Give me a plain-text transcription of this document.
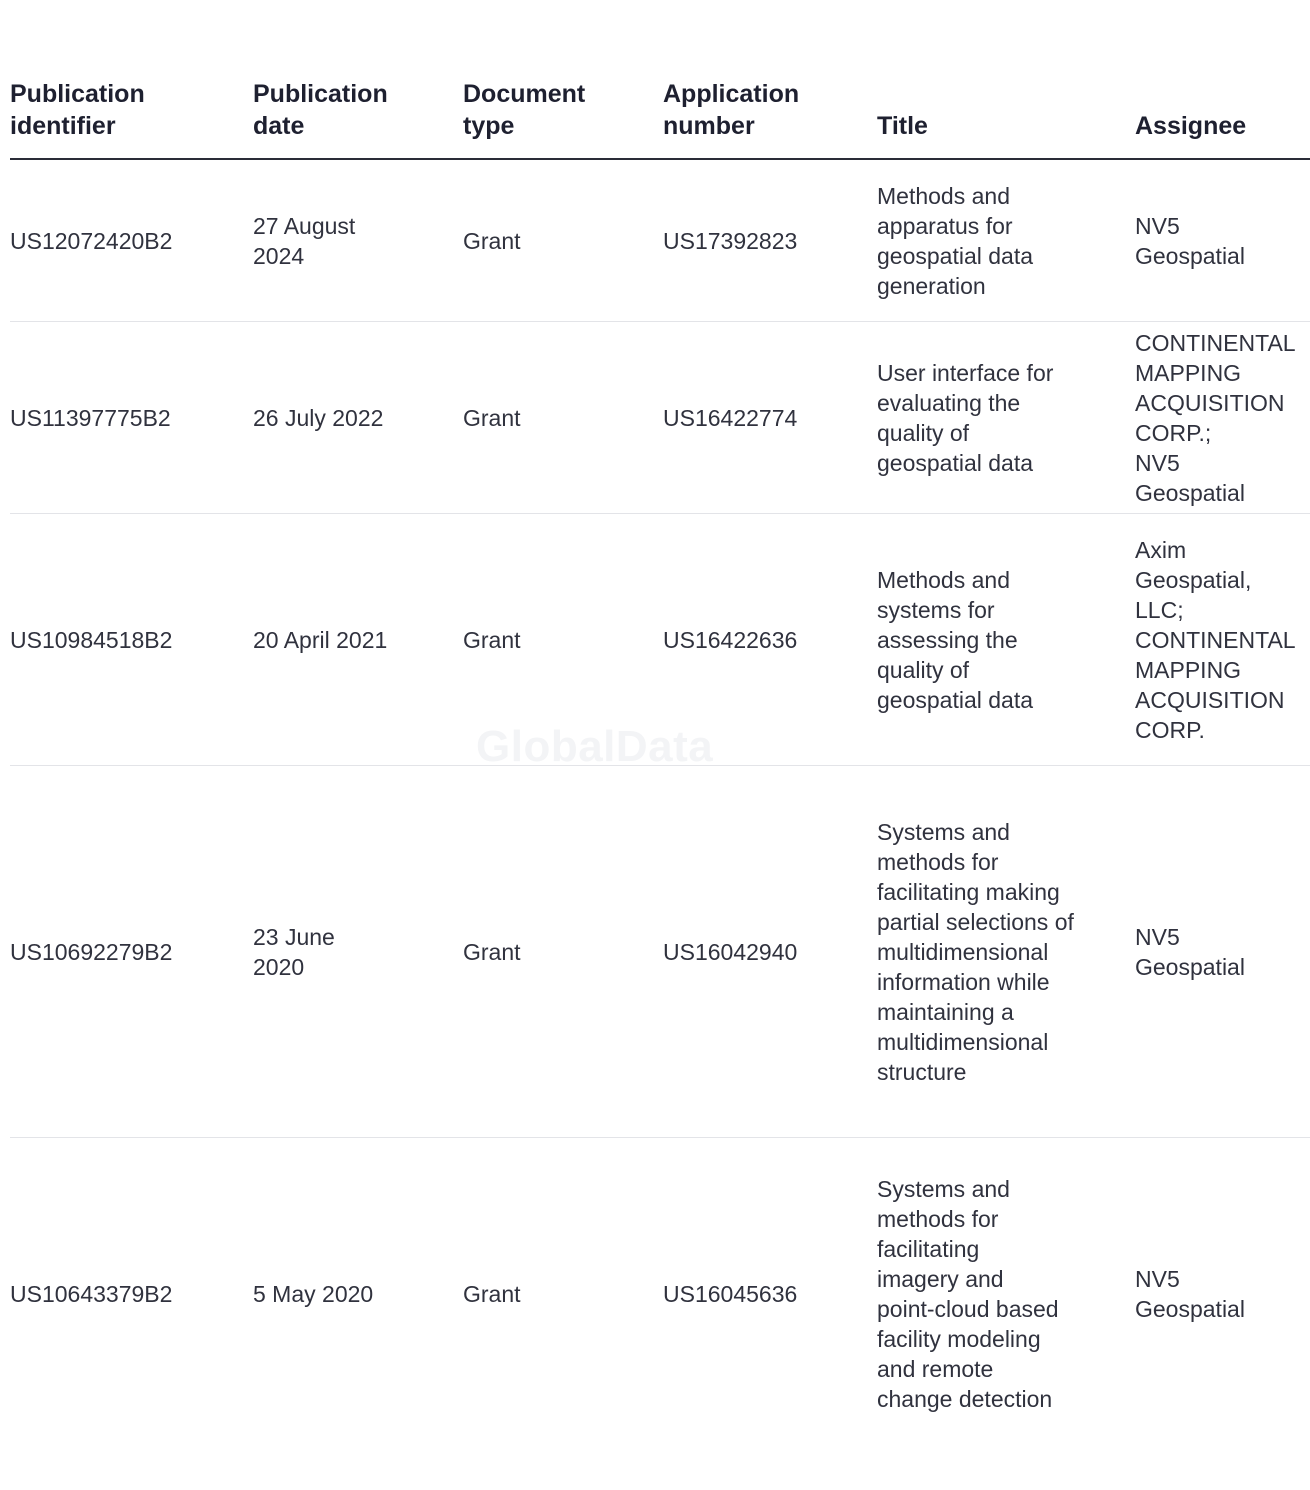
GlobalData
Publication
identifier	Publication
date	Document
type	Application
number	Title	Assignee
US12072420B2	27 August 2024	Grant	US17392823	Methods and apparatus for geospatial data generation	NV5 Geospatial
US11397775B2	26 July 2022	Grant	US16422774	User interface for evaluating the quality of geospatial data	CONTINENTAL MAPPING ACQUISITION CORP.; NV5 Geospatial
US10984518B2	20 April 2021	Grant	US16422636	Methods and systems for assessing the quality of geospatial data	Axim Geospatial, LLC; CONTINENTAL MAPPING ACQUISITION CORP.
US10692279B2	23 June 2020	Grant	US16042940	Systems and methods for facilitating making partial selections of multidimensional information while maintaining a multidimensional structure	NV5 Geospatial
US10643379B2	5 May 2020	Grant	US16045636	Systems and methods for facilitating imagery and point-cloud based facility modeling and remote change detection	NV5 Geospatial
